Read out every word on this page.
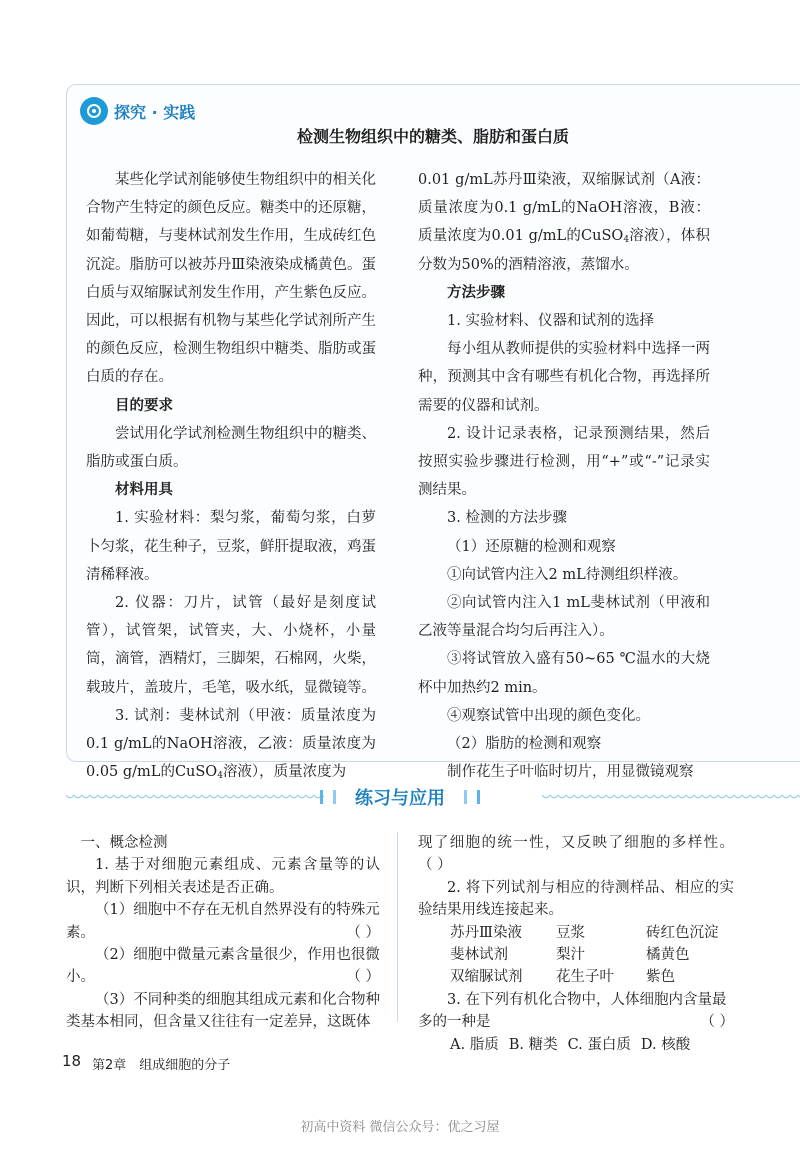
探究 · 实践
检测生物组织中的糖类、脂肪和蛋白质

某些化学试剂能够使生物组织中的相关化合物产生特定的颜色反应。糖类中的还原糖，如葡萄糖，与斐林试剂发生作用，生成砖红色沉淀。脂肪可以被苏丹Ⅲ染液染成橘黄色。蛋白质与双缩脲试剂发生作用，产生紫色反应。因此，可以根据有机物与某些化学试剂所产生的颜色反应，检测生物组织中糖类、脂肪或蛋白质的存在。

目的要求

尝试用化学试剂检测生物组织中的糖类、脂肪或蛋白质。

材料用具

1. 实验材料：梨匀浆，葡萄匀浆，白萝卜匀浆，花生种子，豆浆，鲜肝提取液，鸡蛋清稀释液。

2. 仪器：刀片，试管（最好是刻度试管），试管架，试管夹，大、小烧杯，小量筒，滴管，酒精灯，三脚架，石棉网，火柴，载玻片，盖玻片，毛笔，吸水纸，显微镜等。

3. 试剂：斐林试剂（甲液：质量浓度为0.1 g/mL的NaOH溶液，乙液：质量浓度为0.05 g/mL的CuSO$_4$溶液），质量浓度为

0.01 g/mL苏丹Ⅲ染液，双缩脲试剂（A液：质量浓度为0.1 g/mL的NaOH溶液，B液：质量浓度为0.01 g/mL的CuSO$_4$溶液），体积分数为50%的酒精溶液，蒸馏水。

方法步骤

1. 实验材料、仪器和试剂的选择

每小组从教师提供的实验材料中选择一两种，预测其中含有哪些有机化合物，再选择所需要的仪器和试剂。

2. 设计记录表格，记录预测结果，然后按照实验步骤进行检测，用“+”或“-”记录实测结果。

3. 检测的方法步骤

（1）还原糖的检测和观察

①向试管内注入2 mL待测组织样液。

②向试管内注入1 mL斐林试剂（甲液和乙液等量混合均匀后再注入）。

③将试管放入盛有50~65 ℃温水的大烧杯中加热约2 min。

④观察试管中出现的颜色变化。

（2）脂肪的检测和观察

制作花生子叶临时切片，用显微镜观察

练习与应用

一、概念检测

1. 基于对细胞元素组成、元素含量等的认识，判断下列相关表述是否正确。

（1）细胞中不存在无机自然界没有的特殊元

素。	（ ）

（2）细胞中微量元素含量很少，作用也很微

小。	（ ）

（3）不同种类的细胞其组成元素和化合物种类基本相同，但含量又往往有一定差异，这既体

现了细胞的统一性，又反映了细胞的多样性。（ ）

2. 将下列试剂与相应的待测样品、相应的实验结果用线连接起来。

苏丹Ⅲ染液	豆浆	砖红色沉淀
斐林试剂	梨汁	橘黄色
双缩脲试剂	花生子叶	紫色

3. 在下列有机化合物中，人体细胞内含量最

多的一种是	（ ）

A. 脂质 B. 糖类 C. 蛋白质 D. 核酸
18 第2章　组成细胞的分子
初高中资料 微信公众号：优之习屋
